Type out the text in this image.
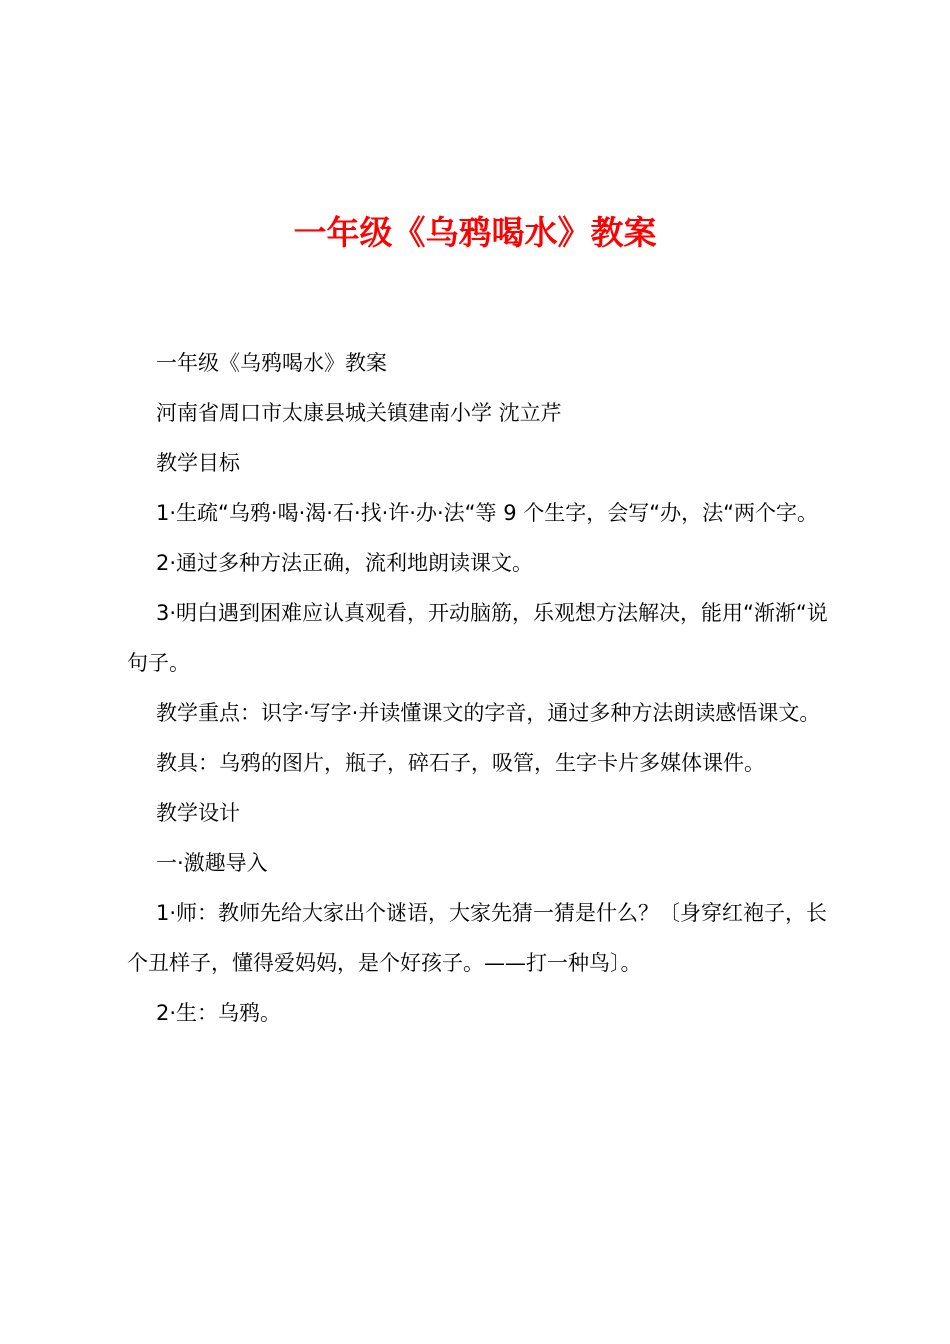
一年级《乌鸦喝水》教案

一年级《乌鸦喝水》教案

河南省周口市太康县城关镇建南小学 沈立芹

教学目标

1·生疏“乌鸦·喝·渴·石·找·许·办·法“等 9 个生字，会写“办，法“两个字。

2·通过多种方法正确，流利地朗读课文。

3·明白遇到困难应认真观看，开动脑筋，乐观想方法解决，能用“渐渐“说句子。

教学重点：识字·写字·并读懂课文的字音，通过多种方法朗读感悟课文。

教具：乌鸦的图片，瓶子，碎石子，吸管，生字卡片多媒体课件。

教学设计

一·激趣导入

1·师：教师先给大家出个谜语，大家先猜一猜是什么？〔身穿红袍子，长个丑样子，懂得爱妈妈，是个好孩子。——打一种鸟〕。

2·生：乌鸦。
